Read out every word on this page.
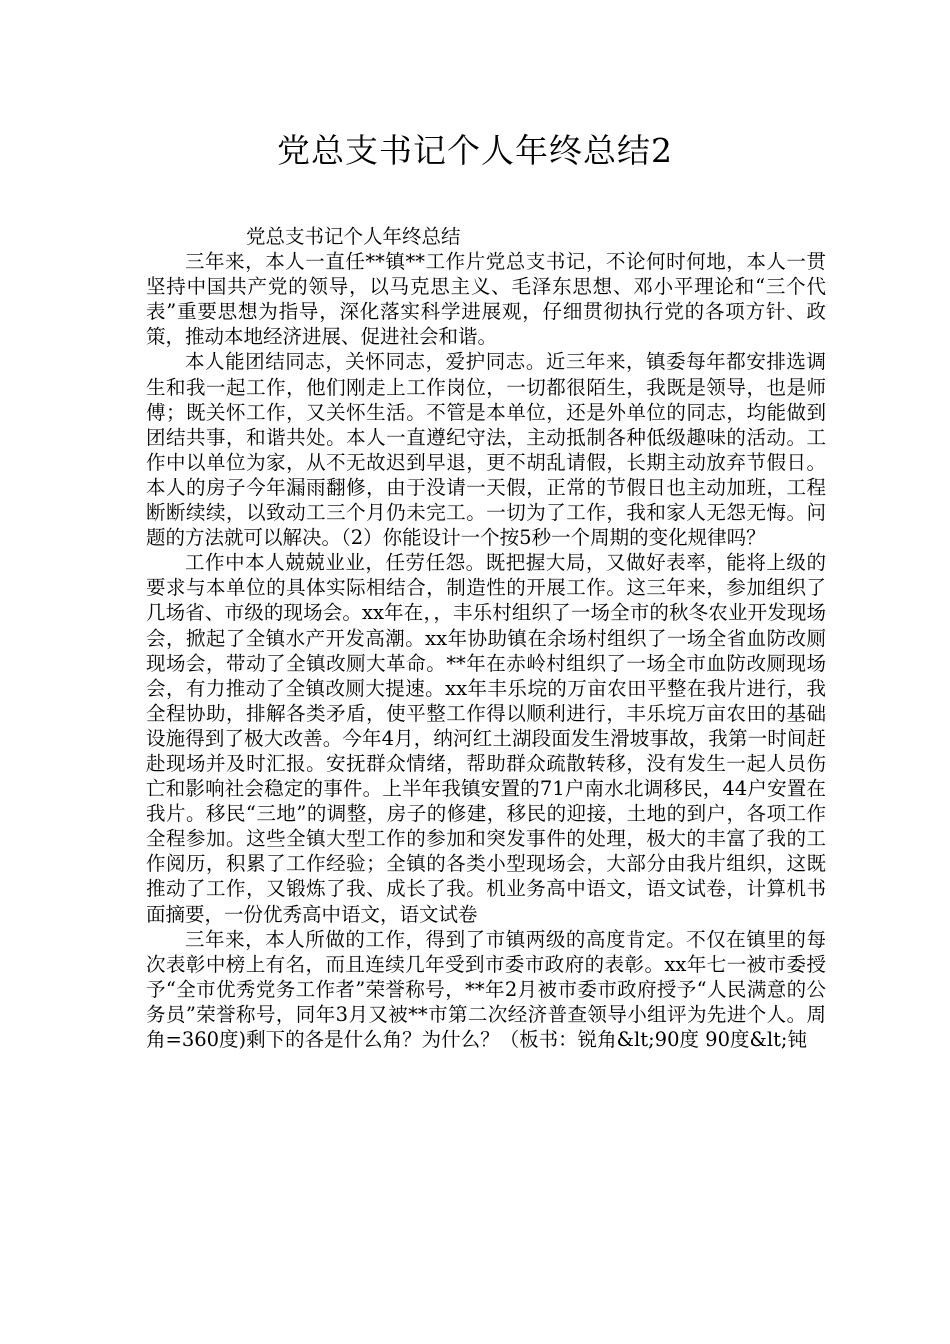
党总支书记个人年终总结2

党总支书记个人年终总结

三年来，本人一直任**镇**工作片党总支书记，不论何时何地，本人一贯坚持中国共产党的领导，以马克思主义、毛泽东思想、邓小平理论和“三个代表”重要思想为指导，深化落实科学进展观，仔细贯彻执行党的各项方针、政策，推动本地经济进展、促进社会和谐。

本人能团结同志，关怀同志，爱护同志。近三年来，镇委每年都安排选调生和我一起工作，他们刚走上工作岗位，一切都很陌生，我既是领导，也是师傅；既关怀工作，又关怀生活。不管是本单位，还是外单位的同志，均能做到团结共事，和谐共处。本人一直遵纪守法，主动抵制各种低级趣味的活动。工作中以单位为家，从不无故迟到早退，更不胡乱请假，长期主动放弃节假日。本人的房子今年漏雨翻修，由于没请一天假，正常的节假日也主动加班，工程断断续续，以致动工三个月仍未完工。一切为了工作，我和家人无怨无悔。问题的方法就可以解决。（2）你能设计一个按5秒一个周期的变化规律吗？

工作中本人兢兢业业，任劳任怨。既把握大局，又做好表率，能将上级的要求与本单位的具体实际相结合，制造性的开展工作。这三年来，参加组织了几场省、市级的现场会。xx年在，，丰乐村组织了一场全市的秋冬农业开发现场会，掀起了全镇水产开发高潮。xx年协助镇在余场村组织了一场全省血防改厕现场会，带动了全镇改厕大革命。**年在赤岭村组织了一场全市血防改厕现场会，有力推动了全镇改厕大提速。xx年丰乐垸的万亩农田平整在我片进行，我全程协助，排解各类矛盾，使平整工作得以顺利进行，丰乐垸万亩农田的基础设施得到了极大改善。今年4月，纳河红土湖段面发生滑坡事故，我第一时间赶赴现场并及时汇报。安抚群众情绪，帮助群众疏散转移，没有发生一起人员伤亡和影响社会稳定的事件。上半年我镇安置的71户南水北调移民，44户安置在我片。移民“三地”的调整，房子的修建，移民的迎接，土地的到户，各项工作全程参加。这些全镇大型工作的参加和突发事件的处理，极大的丰富了我的工作阅历，积累了工作经验；全镇的各类小型现场会，大部分由我片组织，这既推动了工作，又锻炼了我、成长了我。机业务高中语文，语文试卷，计算机书面摘要，一份优秀高中语文，语文试卷

三年来，本人所做的工作，得到了市镇两级的高度肯定。不仅在镇里的每次表彰中榜上有名，而且连续几年受到市委市政府的表彰。xx年七一被市委授予“全市优秀党务工作者”荣誉称号，**年2月被市委市政府授予“人民满意的公务员”荣誉称号，同年3月又被**市第二次经济普查领导小组评为先进个人。周角=360度)剩下的各是什么角？为什么？（板书：锐角&lt;90度 90度&lt;钝
